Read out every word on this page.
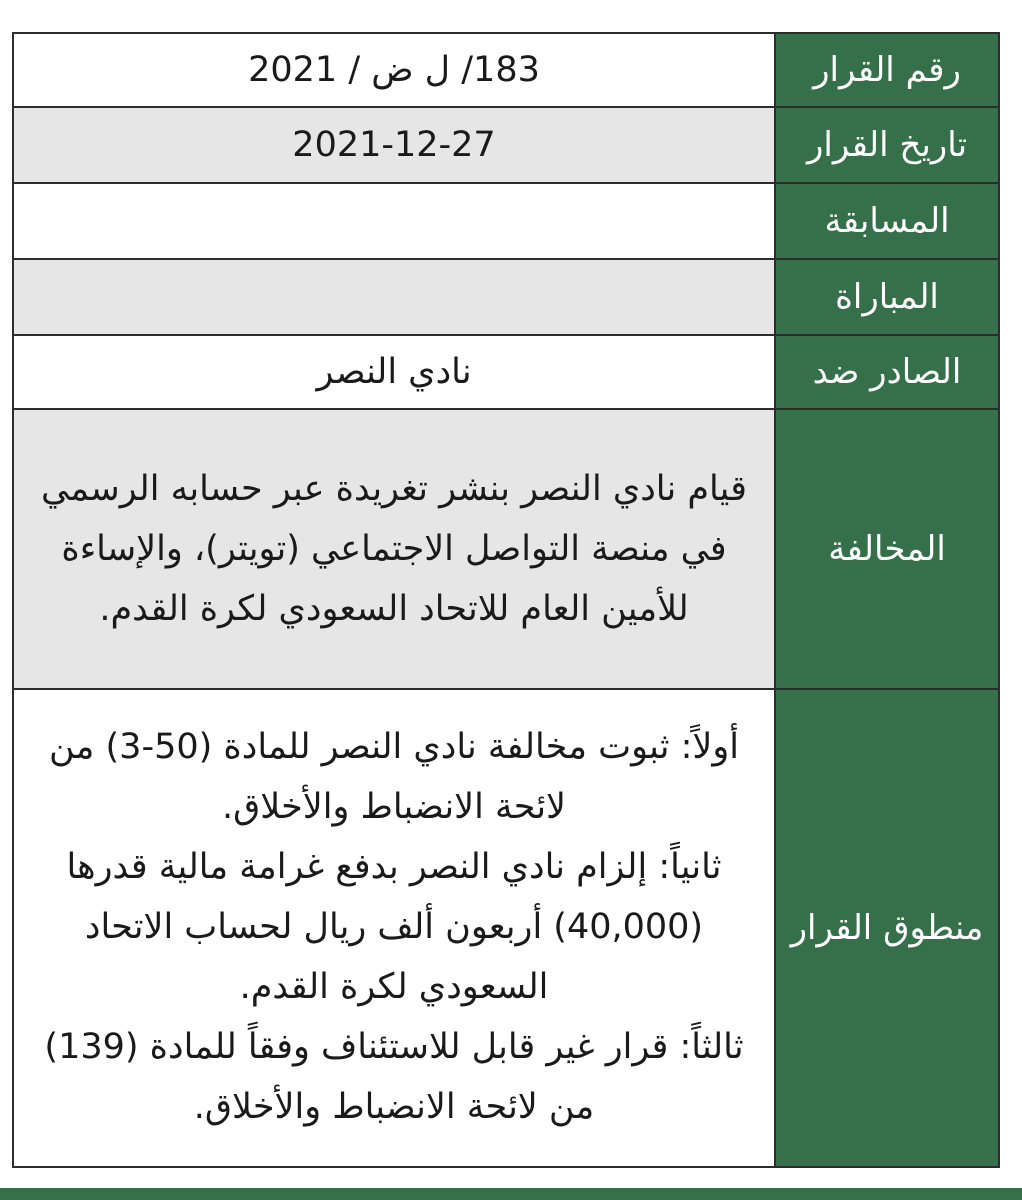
رقم القرار	183/ ل ض / 2021

تاريخ القرار	2021-12-27

المسابقة	
المباراة	
الصادر ضد	نادي النصر

المخالفة	قيام نادي النصر بنشر تغريدة عبر حسابه الرسمي في منصة التواصل الاجتماعي (تويتر)، والإساءة للأمين العام للاتحاد السعودي لكرة القدم.

منطوق القرار	أولاً: ثبوت مخالفة نادي النصر للمادة (50-3) من لائحة الانضباط والأخلاق.
ثانياً: إلزام نادي النصر بدفع غرامة مالية قدرها (40,000) أربعون ألف ريال لحساب الاتحاد السعودي لكرة القدم.
ثالثاً: قرار غير قابل للاستئناف وفقاً للمادة (139) من لائحة الانضباط والأخلاق.
